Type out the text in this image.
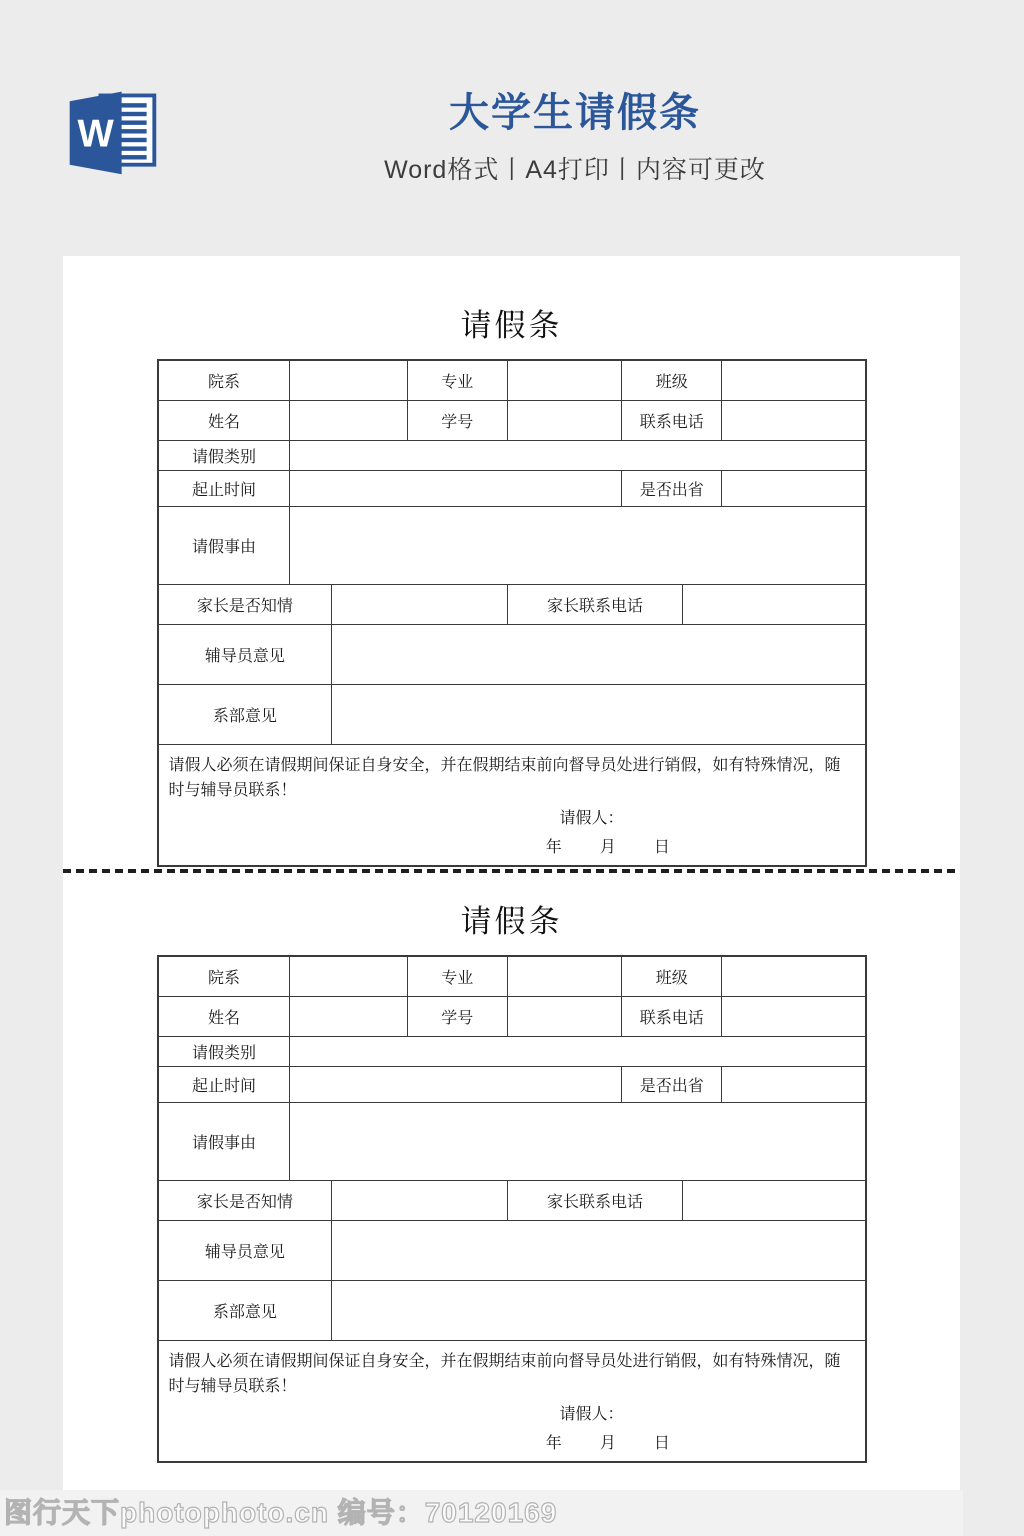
W	大学生请假条
Word格式丨A4打印丨内容可更改
请假条
院系			专业		班级		
姓名			学号		联系电话		
请假类别							
起止时间					是否出省		
请假事由							
家长是否知情				家长联系电话			
辅导员意见							
系部意见							

请假人必须在请假期间保证自身安全，并在假期结束前向督导员处进行销假，如有特殊情况，随时与辅导员联系！
请假人：
年 月 日							
请假条
院系			专业		班级		
姓名			学号		联系电话		
请假类别							
起止时间					是否出省		
请假事由							
家长是否知情				家长联系电话			
辅导员意见							
系部意见							

请假人必须在请假期间保证自身安全，并在假期结束前向督导员处进行销假，如有特殊情况，随时与辅导员联系！
请假人：
年 月 日							
图行天下photophoto.cn 编号：70120169
